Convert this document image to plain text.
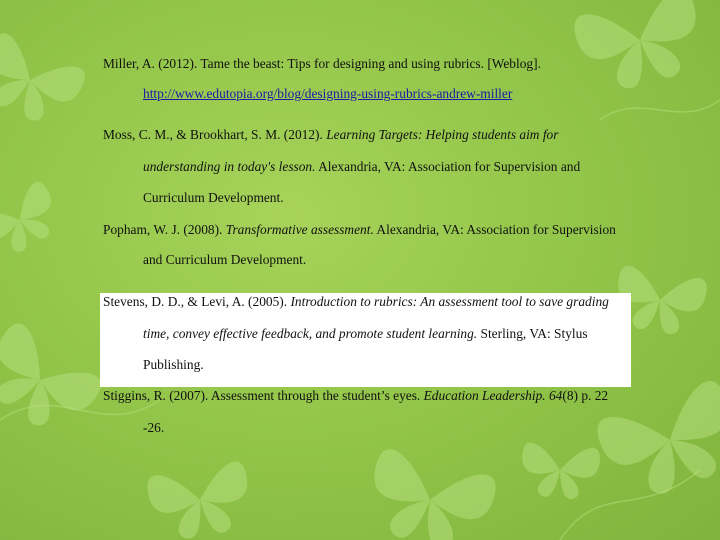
Miller, A. (2012). Tame the beast: Tips for designing and using rubrics. [Weblog].
http://www.edutopia.org/blog/designing-using-rubrics-andrew-miller
Moss, C. M., & Brookhart, S. M. (2012). Learning Targets: Helping students aim for
understanding in today's lesson. Alexandria, VA: Association for Supervision and
Curriculum Development.
Popham, W. J. (2008). Transformative assessment. Alexandria, VA: Association for Supervision
and Curriculum Development.
Stevens, D. D., & Levi, A. (2005). Introduction to rubrics: An assessment tool to save grading
time, convey effective feedback, and promote student learning. Sterling, VA: Stylus
Publishing.
Stiggins, R. (2007). Assessment through the student’s eyes. Education Leadership. 64(8) p. 22
-26.
